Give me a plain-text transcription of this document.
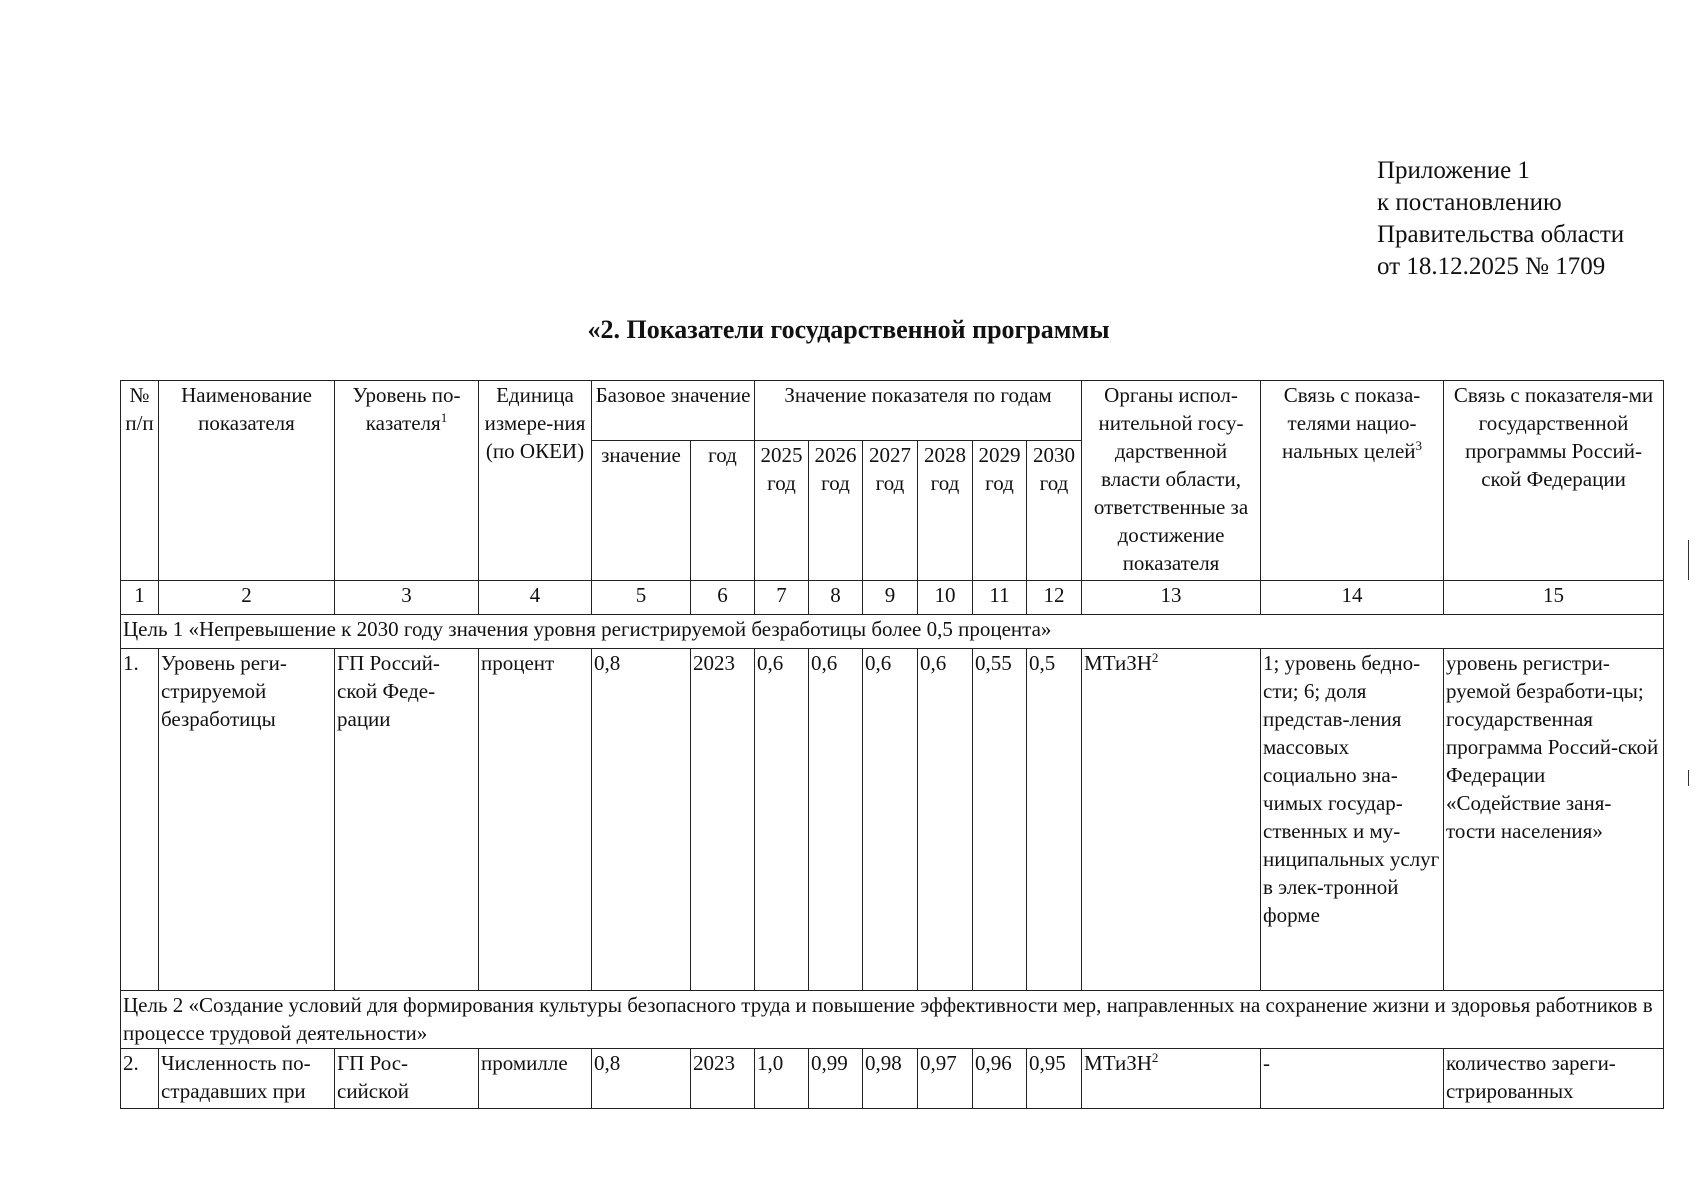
Приложение 1
к постановлению
Правительства области
от 18.12.2025 № 1709
«2. Показатели государственной программы
№ п/п	Наименование показателя	Уровень по-казателя$^1$	Единица измере-ния (по ОКЕИ)	Базовое значение		Значение показателя по годам						Органы испол-нительной госу-дарственной власти области, ответственные за достижение показателя	Связь с показа-телями нацио-нальных целей$^3$	Связь с показателя-ми государственной программы Россий-ской Федерации
				значение	год	2025 год	2026 год	2027 год	2028 год	2029 год	2030 год			
1	2	3	4	5	6	7	8	9	10	11	12	13	14	15
Цель 1 «Непревышение к 2030 году значения уровня регистрируемой безработицы более 0,5 процента»														
1.	Уровень реги-стрируемой безработицы	ГП Россий-ской Феде-рации	процент	0,8	2023	0,6	0,6	0,6	0,6	0,55	0,5	МТиЗН$^2$	1; уровень бедно-сти; 6; доля представ-ления массовых социально зна-чимых государ-ственных и му-ниципальных услуг в элек-тронной форме	уровень регистри-руемой безработи-цы; государственная программа Россий-ской Федерации «Содействие заня-тости населения»
Цель 2 «Создание условий для формирования культуры безопасного труда и повышение эффективности мер, направленных на сохранение жизни и здоровья работников в процессе трудовой деятельности»														
2.	Численность по-страдавших при	ГП Рос-сийской	промилле	0,8	2023	1,0	0,99	0,98	0,97	0,96	0,95	МТиЗН$^2$	-	количество зареги-стрированных
